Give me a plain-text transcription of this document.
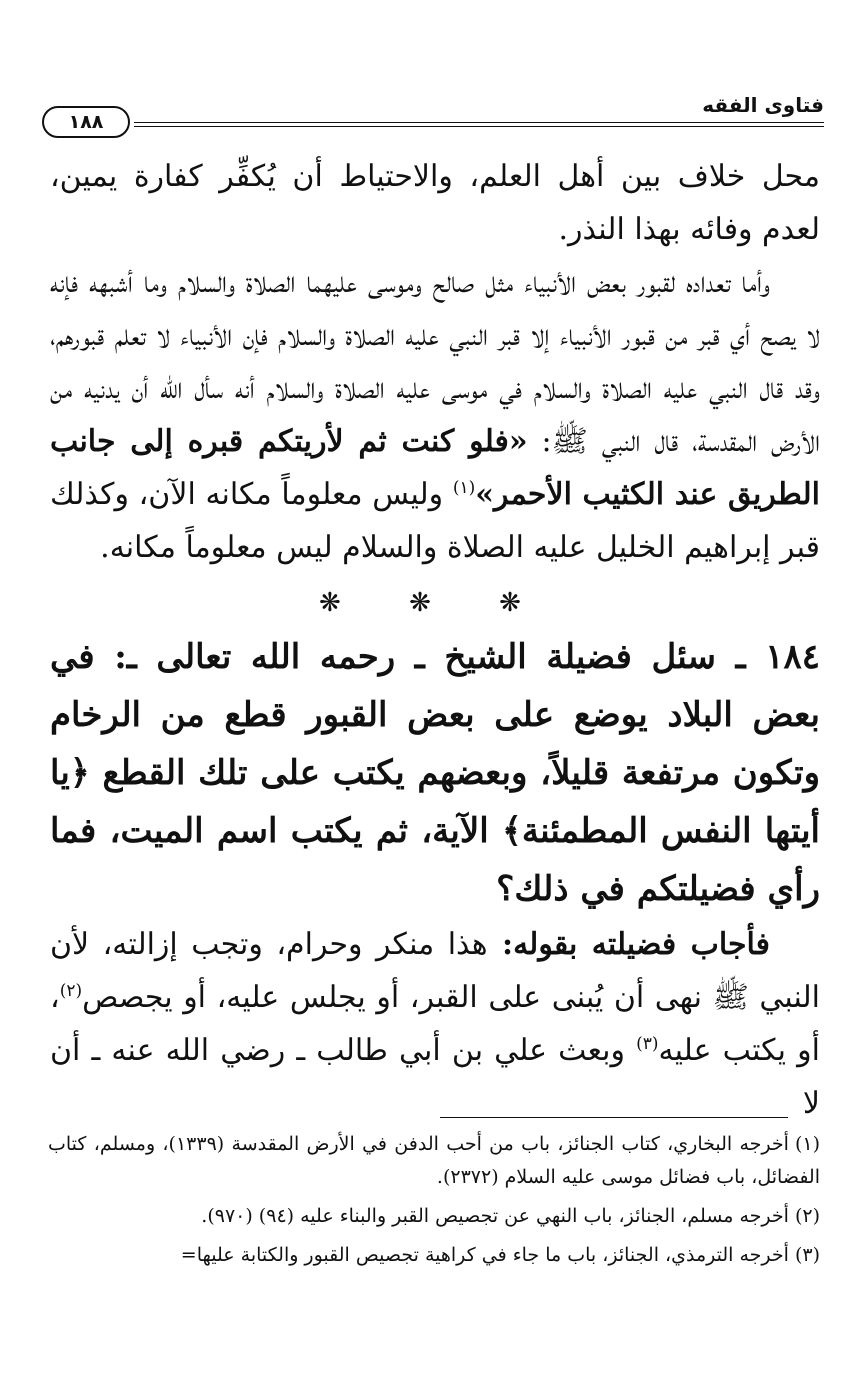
فتاوى الفقه
١٨٨

محل خلاف بين أهل العلم، والاحتياط أن يُكفِّر كفارة يمين، لعدم وفائه بهذا النذر.

وأما تعداده لقبور بعض الأنبياء مثل صالح وموسى عليهما الصلاة والسلام وما أشبهه فإنه لا يصح أي قبر من قبور الأنبياء إلا قبر النبي عليه الصلاة والسلام فإن الأنبياء لا تعلم قبورهم، وقد قال النبي عليه الصلاة والسلام في موسى عليه الصلاة والسلام أنه سأل الله أن يدنيه من الأرض المقدسة، قال النبي ﷺ: «فلو كنت ثم لأريتكم قبره إلى جانب الطريق عند الكثيب الأحمر»$^{(١)}$ وليس معلوماً مكانه الآن، وكذلك قبر إبراهيم الخليل عليه الصلاة والسلام ليس معلوماً مكانه.

❋ ❋ ❋

١٨٤ ـ سئل فضيلة الشيخ ـ رحمه الله تعالى ـ: في بعض البلاد يوضع على بعض القبور قطع من الرخام وتكون مرتفعة قليلاً، وبعضهم يكتب على تلك القطع ﴿يا أيتها النفس المطمئنة﴾ الآية، ثم يكتب اسم الميت، فما رأي فضيلتكم في ذلك؟

فأجاب فضيلته بقوله: هذا منكر وحرام، وتجب إزالته، لأن النبي ﷺ نهى أن يُبنى على القبر، أو يجلس عليه، أو يجصص$^{(٢)}$، أو يكتب عليه$^{(٣)}$ وبعث علي بن أبي طالب ـ رضي الله عنه ـ أن لا

(١)أخرجه البخاري، كتاب الجنائز، باب من أحب الدفن في الأرض المقدسة (١٣٣٩)، ومسلم، كتاب الفضائل، باب فضائل موسى عليه السلام (٢٣٧٢).

(٢)أخرجه مسلم، الجنائز، باب النهي عن تجصيص القبر والبناء عليه (٩٤) (٩٧٠).

(٣)أخرجه الترمذي، الجنائز، باب ما جاء في كراهية تجصيص القبور والكتابة عليها=
